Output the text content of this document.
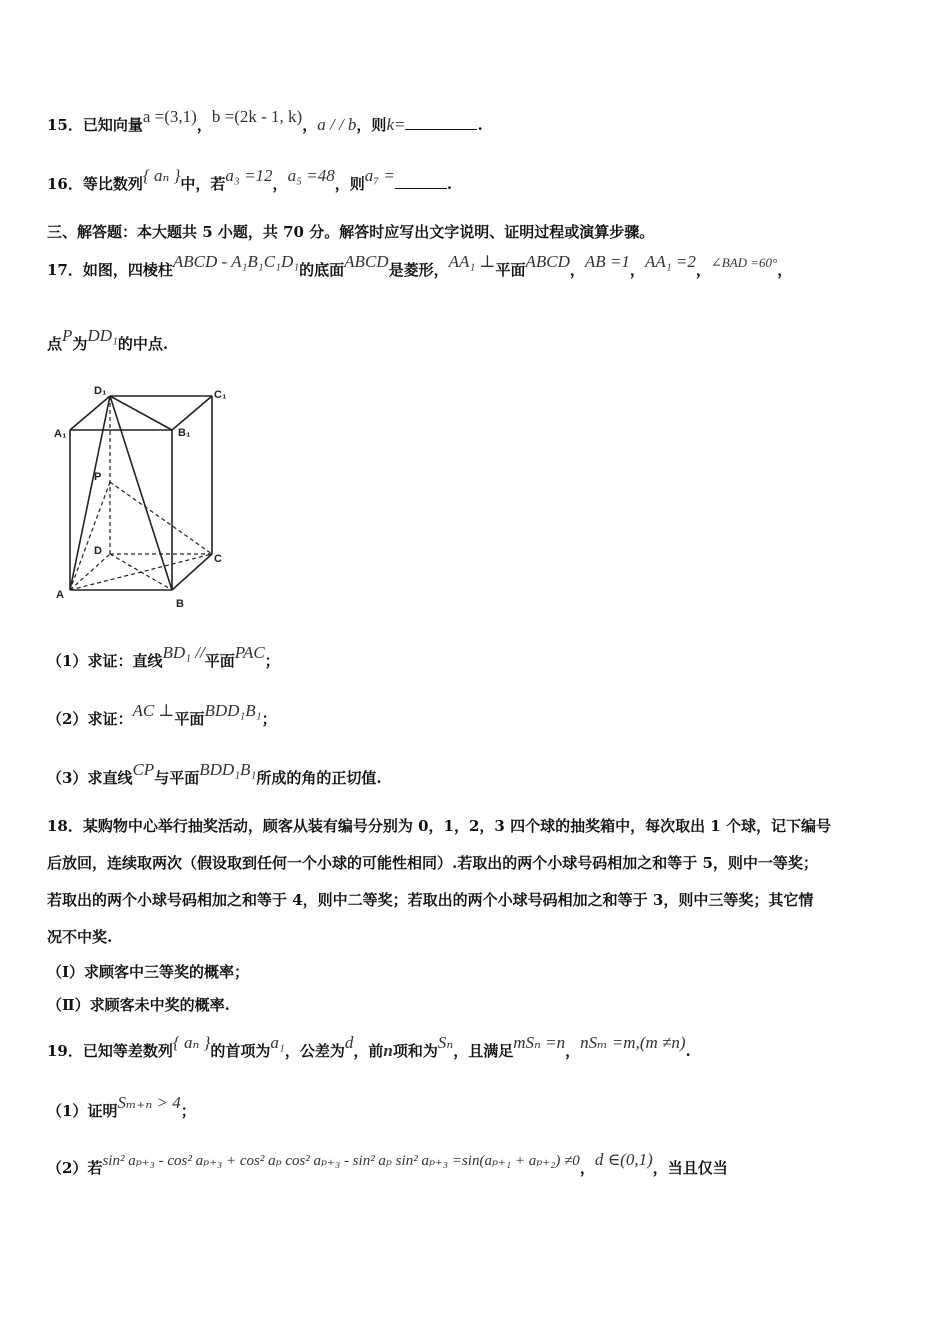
15．已知向量a =(3,1)，b =(2k - 1, k)，a / / b，则k=	.
16．等比数列{ aₙ }中，若a₃ =12，a₅ =48，则a₇ =	.
三、解答题：本大题共 5 小题，共 70 分。解答时应写出文字说明、证明过程或演算步骤。
17．如图，四棱柱ABCD - A₁B₁C₁D₁的底面ABCD是菱形，AA₁ ⊥平面ABCD，AB =1，AA₁ =2，∠BAD =60°，
点P为DD₁的中点.
D₁	C₁
A₁	B₁
P
D
C
A
B
（1）求证：直线BD₁ //平面PAC；
（2）求证：AC ⊥平面BDD₁B₁；
（3）求直线CP与平面BDD₁B₁所成的角的正切值.
18．某购物中心举行抽奖活动，顾客从装有编号分别为 0，1，2，3 四个球的抽奖箱中，每次取出 1 个球，记下编号
后放回，连续取两次（假设取到任何一个小球的可能性相同）.若取出的两个小球号码相加之和等于 5，则中一等奖；
若取出的两个小球号码相加之和等于 4，则中二等奖；若取出的两个小球号码相加之和等于 3，则中三等奖；其它情
况不中奖.
（Ⅰ）求顾客中三等奖的概率；
（Ⅱ）求顾客未中奖的概率.
19．已知等差数列{ aₙ }的首项为a₁，公差为d，前n项和为Sₙ，且满足mSₙ =n，nSₘ =m,(m ≠n).
（1）证明Sₘ₊ₙ > 4；
（2）若sin² aₚ₊₃ - cos² aₚ₊₃ + cos² aₚ cos² aₚ₊₃ - sin² aₚ sin² aₚ₊₃ =sin(aₚ₊₁ + aₚ₊₂) ≠0，d ∈(0,1)，当且仅当
